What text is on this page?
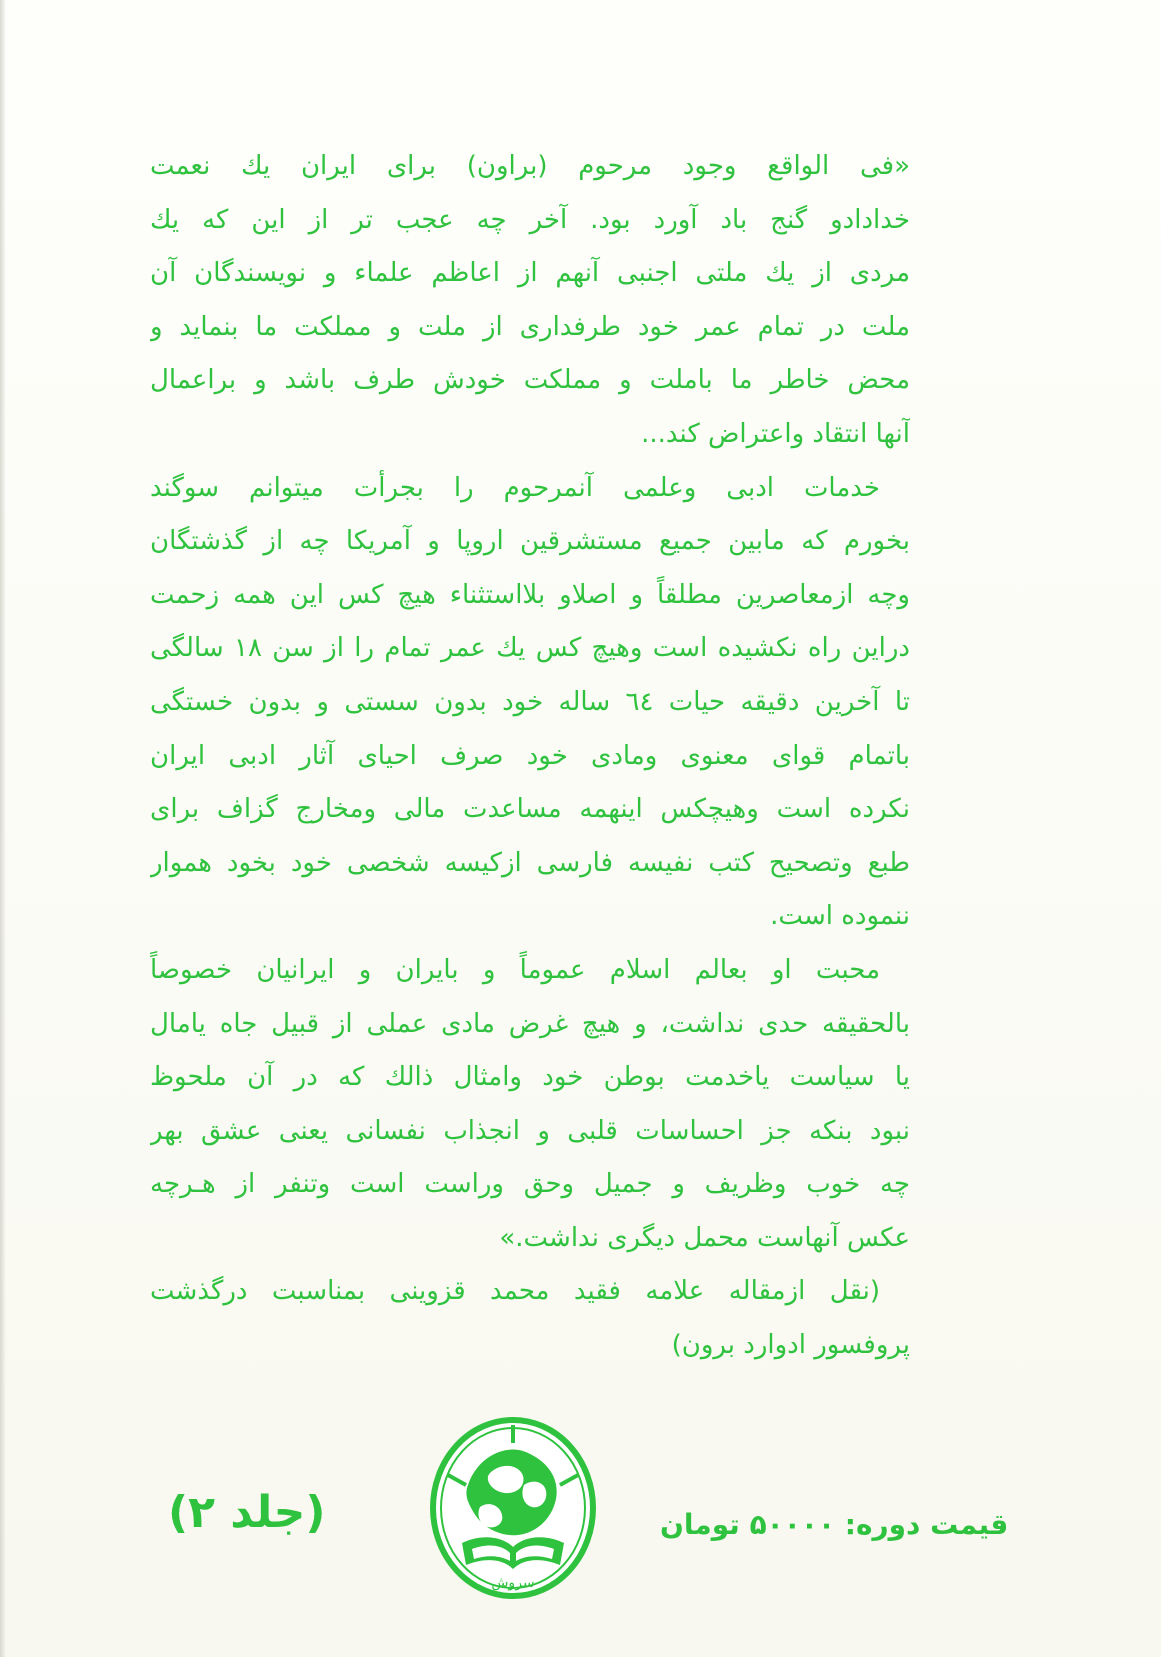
«فی الواقع وجود مرحوم (براون) برای ایران یك نعمت
خدادادو گنج باد آورد بود. آخر چه عجب تر از این که یك
مردی از یك ملتی اجنبی آنهم از اعاظم علماء و نویسندگان آن
ملت در تمام عمر خود طرفداری از ملت و مملکت ما بنماید و
محض خاطر ما باملت و مملکت خودش طرف باشد و براعمال
آنها انتقاد واعتراض کند...
خدمات ادبی وعلمی آنمرحوم را بجرأت میتوانم سوگند
بخورم که مابین جمیع مستشرقین اروپا و آمریکا چه از گذشتگان
وچه ازمعاصرین مطلقاً و اصلاو بلااستثناء هیچ کس این همه زحمت
دراین راه نکشیده است وهیچ کس یك عمر تمام را از سن ۱۸ سالگی
تا آخرین دقیقه حیات ٦٤ ساله خود بدون سستی و بدون خستگی
باتمام قوای معنوی ومادی خود صرف احیای آثار ادبی ایران
نکرده است وهیچکس اینهمه مساعدت مالی ومخارج گزاف برای
طبع وتصحیح کتب نفیسه فارسی ازکیسه شخصی خود بخود هموار
ننموده است.
محبت او بعالم اسلام عموماً و بایران و ایرانیان خصوصاً
بالحقیقه حدی نداشت، و هیچ غرض مادی عملی از قبیل جاه یامال
یا سیاست یاخدمت بوطن خود وامثال ذالك که در آن ملحوظ
نبود بنکه جز احساسات قلبی و انجذاب نفسانی یعنی عشق بهر
چه خوب وظریف و جمیل وحق وراست است وتنفر از هـرچه
عکس آنهاست محمل دیگری نداشت.»
(نقل ازمقاله علامه فقید محمد قزوینی بمناسبت درگذشت
پروفسور ادوارد برون)
(جلد ۲)
سروش
قیمت دوره: ۵۰۰۰۰ تومان
